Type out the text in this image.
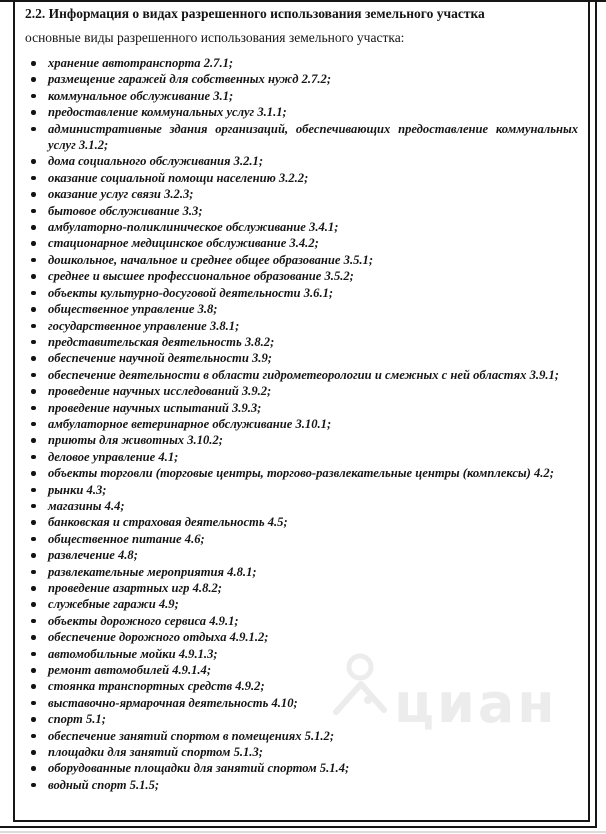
циан

2.2. Информация о видах разрешенного использования земельного участка

основные виды разрешенного использования земельного участка:

хранение автотранспорта 2.7.1;
размещение гаражей для собственных нужд 2.7.2;
коммунальное обслуживание 3.1;
предоставление коммунальных услуг 3.1.1;
административные здания организаций, обеспечивающих предоставление коммунальных услуг 3.1.2;
дома социального обслуживания 3.2.1;
оказание социальной помощи населению 3.2.2;
оказание услуг связи 3.2.3;
бытовое обслуживание 3.3;
амбулаторно-поликлиническое обслуживание 3.4.1;
стационарное медицинское обслуживание 3.4.2;
дошкольное, начальное и среднее общее образование 3.5.1;
среднее и высшее профессиональное образование 3.5.2;
объекты культурно-досуговой деятельности 3.6.1;
общественное управление 3.8;
государственное управление 3.8.1;
представительская деятельность 3.8.2;
обеспечение научной деятельности 3.9;
обеспечение деятельности в области гидрометеорологии и смежных с ней областях 3.9.1;
проведение научных исследований 3.9.2;
проведение научных испытаний 3.9.3;
амбулаторное ветеринарное обслуживание 3.10.1;
приюты для животных 3.10.2;
деловое управление 4.1;
объекты торговли (торговые центры, торгово-развлекательные центры (комплексы) 4.2;
рынки 4.3;
магазины 4.4;
банковская и страховая деятельность 4.5;
общественное питание 4.6;
развлечение 4.8;
развлекательные мероприятия 4.8.1;
проведение азартных игр 4.8.2;
служебные гаражи 4.9;
объекты дорожного сервиса 4.9.1;
обеспечение дорожного отдыха 4.9.1.2;
автомобильные мойки 4.9.1.3;
ремонт автомобилей 4.9.1.4;
стоянка транспортных средств 4.9.2;
выставочно-ярмарочная деятельность 4.10;
спорт 5.1;
обеспечение занятий спортом в помещениях 5.1.2;
площадки для занятий спортом 5.1.3;
оборудованные площадки для занятий спортом 5.1.4;
водный спорт 5.1.5;
